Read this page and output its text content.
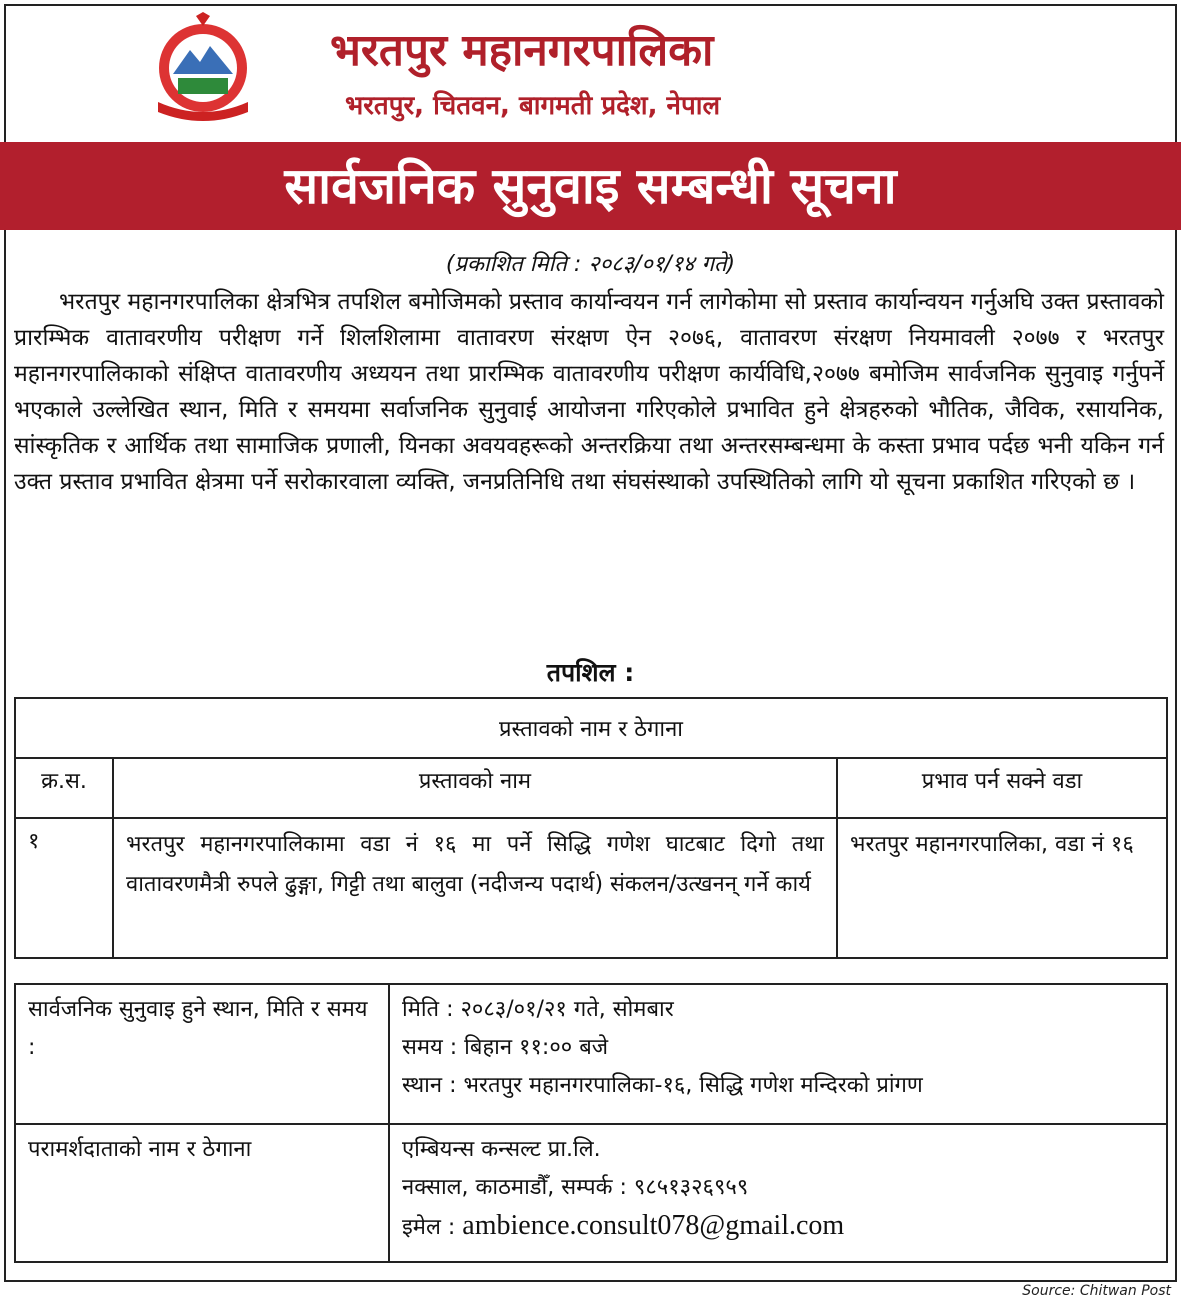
भरतपुर महानगरपालिका
भरतपुर, चितवन, बागमती प्रदेश, नेपाल
सार्वजनिक सुनुवाइ सम्बन्धी सूचना
(प्रकाशित मिति : २०८३/०१/१४ गते)

भरतपुर महानगरपालिका क्षेत्रभित्र तपशिल बमोजिमको प्रस्ताव कार्यान्वयन गर्न लागेकोमा सो प्रस्ताव कार्यान्वयन गर्नुअघि उक्त प्रस्तावको प्रारम्भिक वातावरणीय परीक्षण गर्ने शिलशिलामा वातावरण संरक्षण ऐन २०७६, वातावरण संरक्षण नियमावली २०७७ र भरतपुर महानगरपालिकाको संक्षिप्त वातावरणीय अध्ययन तथा प्रारम्भिक वातावरणीय परीक्षण कार्यविधि,२०७७ बमोजिम सार्वजनिक सुनुवाइ गर्नुपर्ने भएकाले उल्लेखित स्थान, मिति र समयमा सर्वाजनिक सुनुवाई आयोजना गरिएकोले प्रभावित हुने क्षेत्रहरुको भौतिक, जैविक, रसायनिक, सांस्कृतिक र आर्थिक तथा सामाजिक प्रणाली, यिनका अवयवहरूको अन्तरक्रिया तथा अन्तरसम्बन्धमा के कस्ता प्रभाव पर्दछ भनी यकिन गर्न उक्त प्रस्ताव प्रभावित क्षेत्रमा पर्ने सरोकारवाला व्यक्ति, जनप्रतिनिधि तथा संघसंस्थाको उपस्थितिको लागि यो सूचना प्रकाशित गरिएको छ ।

तपशिल :
प्रस्तावको नाम र ठेगाना		
क्र.स.	प्रस्तावको नाम	प्रभाव पर्न सक्ने वडा
१	भरतपुर महानगरपालिकामा वडा नं १६ मा पर्ने सिद्धि गणेश घाटबाट दिगो तथा वातावरणमैत्री रुपले ढुङ्गा, गिट्टी तथा बालुवा (नदीजन्य पदार्थ) संकलन/उत्खनन् गर्ने कार्य	भरतपुर महानगरपालिका, वडा नं १६
सार्वजनिक सुनुवाइ हुने स्थान, मिति र समय :	मिति : २०८३/०१/२१ गते, सोमबार
समय : बिहान ११:०० बजे
स्थान : भरतपुर महानगरपालिका-१६, सिद्धि गणेश मन्दिरको प्रांगण

परामर्शदाताको नाम र ठेगाना	एम्बियन्स कन्सल्ट प्रा.लि.
नक्साल, काठमाडौँ, सम्पर्क : ९८५१३२६९५९
इमेल : ambience.consult078@gmail.com
Source: Chitwan Post
